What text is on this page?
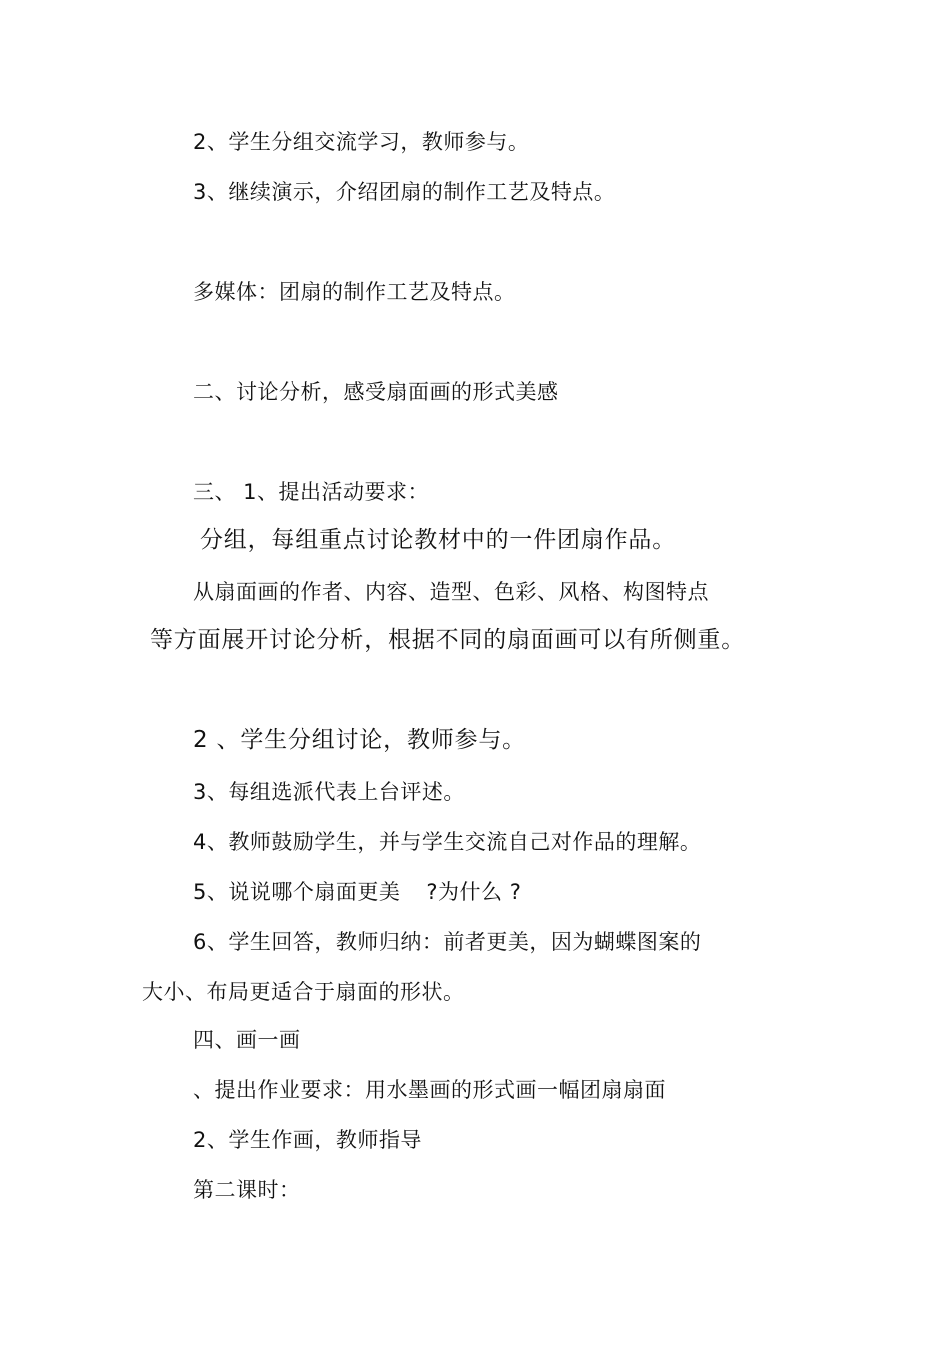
2、学生分组交流学习，教师参与。
3、继续演示，介绍团扇的制作工艺及特点。
多媒体：团扇的制作工艺及特点。
二、讨论分析，感受扇面画的形式美感
三、 1、提出活动要求：
分组，每组重点讨论教材中的一件团扇作品。
从扇面画的作者、内容、造型、色彩、风格、构图特点
等方面展开讨论分析，根据不同的扇面画可以有所侧重。
2 、学生分组讨论，教师参与。
3、每组选派代表上台评述。
4、教师鼓励学生，并与学生交流自己对作品的理解。
5、说说哪个扇面更美 ?为什么 ?
6、学生回答，教师归纳：前者更美，因为蝴蝶图案的
大小、布局更适合于扇面的形状。
四、画一画
、提出作业要求：用水墨画的形式画一幅团扇扇面
2、学生作画，教师指导
第二课时：
